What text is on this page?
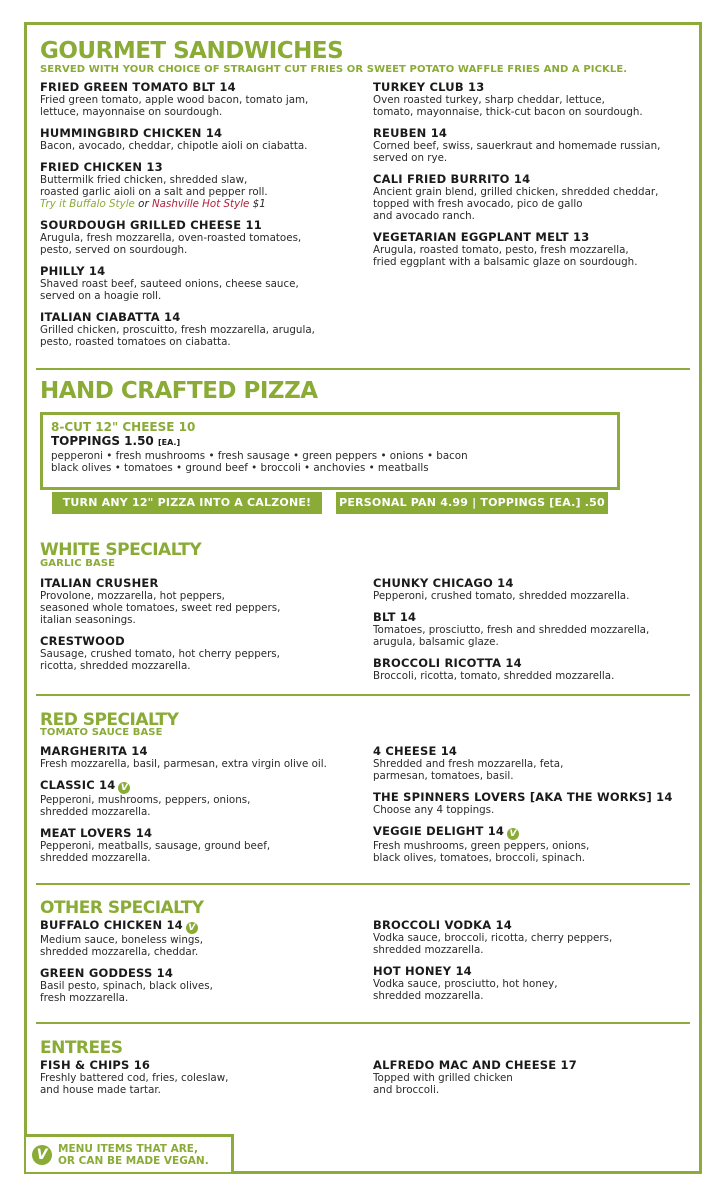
GOURMET SANDWICHES
SERVED WITH YOUR CHOICE OF STRAIGHT CUT FRIES OR SWEET POTATO WAFFLE FRIES AND A PICKLE.
FRIED GREEN TOMATO BLT 14
Fried green tomato, apple wood bacon, tomato jam,
lettuce, mayonnaise on sourdough.
HUMMINGBIRD CHICKEN 14
Bacon, avocado, cheddar, chipotle aioli on ciabatta.
FRIED CHICKEN 13
Buttermilk fried chicken, shredded slaw,
roasted garlic aioli on a salt and pepper roll.
Try it Buffalo Style or Nashville Hot Style $1
SOURDOUGH GRILLED CHEESE 11
Arugula, fresh mozzarella, oven-roasted tomatoes,
pesto, served on sourdough.
PHILLY 14
Shaved roast beef, sauteed onions, cheese sauce,
served on a hoagie roll.
ITALIAN CIABATTA 14
Grilled chicken, proscuitto, fresh mozzarella, arugula,
pesto, roasted tomatoes on ciabatta.
TURKEY CLUB 13
Oven roasted turkey, sharp cheddar, lettuce,
tomato, mayonnaise, thick-cut bacon on sourdough.
REUBEN 14
Corned beef, swiss, sauerkraut and homemade russian,
served on rye.
CALI FRIED BURRITO 14
Ancient grain blend, grilled chicken, shredded cheddar,
topped with fresh avocado, pico de gallo
and avocado ranch.
VEGETARIAN EGGPLANT MELT 13
Arugula, roasted tomato, pesto, fresh mozzarella,
fried eggplant with a balsamic glaze on sourdough.
HAND CRAFTED PIZZA
8-CUT 12" CHEESE 10
TOPPINGS 1.50 [EA.]
pepperoni • fresh mushrooms • fresh sausage • green peppers • onions • bacon
black olives • tomatoes • ground beef • broccoli • anchovies • meatballs
TURN ANY 12" PIZZA INTO A CALZONE!	PERSONAL PAN 4.99 | TOPPINGS [EA.] .50
WHITE SPECIALTY
GARLIC BASE
ITALIAN CRUSHER
Provolone, mozzarella, hot peppers,
seasoned whole tomatoes, sweet red peppers,
italian seasonings.
CRESTWOOD
Sausage, crushed tomato, hot cherry peppers,
ricotta, shredded mozzarella.
CHUNKY CHICAGO 14
Pepperoni, crushed tomato, shredded mozzarella.
BLT 14
Tomatoes, prosciutto, fresh and shredded mozzarella,
arugula, balsamic glaze.
BROCCOLI RICOTTA 14
Broccoli, ricotta, tomato, shredded mozzarella.
RED SPECIALTY
TOMATO SAUCE BASE
MARGHERITA 14
Fresh mozzarella, basil, parmesan, extra virgin olive oil.
CLASSIC 14 V
Pepperoni, mushrooms, peppers, onions,
shredded mozzarella.
MEAT LOVERS 14
Pepperoni, meatballs, sausage, ground beef,
shredded mozzarella.
4 CHEESE 14
Shredded and fresh mozzarella, feta,
parmesan, tomatoes, basil.
THE SPINNERS LOVERS [AKA THE WORKS] 14
Choose any 4 toppings.
VEGGIE DELIGHT 14 V
Fresh mushrooms, green peppers, onions,
black olives, tomatoes, broccoli, spinach.
OTHER SPECIALTY
BUFFALO CHICKEN 14 V
Medium sauce, boneless wings,
shredded mozzarella, cheddar.
GREEN GODDESS 14
Basil pesto, spinach, black olives,
fresh mozzarella.
BROCCOLI VODKA 14
Vodka sauce, broccoli, ricotta, cherry peppers,
shredded mozzarella.
HOT HONEY 14
Vodka sauce, prosciutto, hot honey,
shredded mozzarella.
ENTREES
FISH & CHIPS 16
Freshly battered cod, fries, coleslaw,
and house made tartar.
ALFREDO MAC AND CHEESE 17
Topped with grilled chicken
and broccoli.
V	MENU ITEMS THAT ARE,
OR CAN BE MADE VEGAN.
